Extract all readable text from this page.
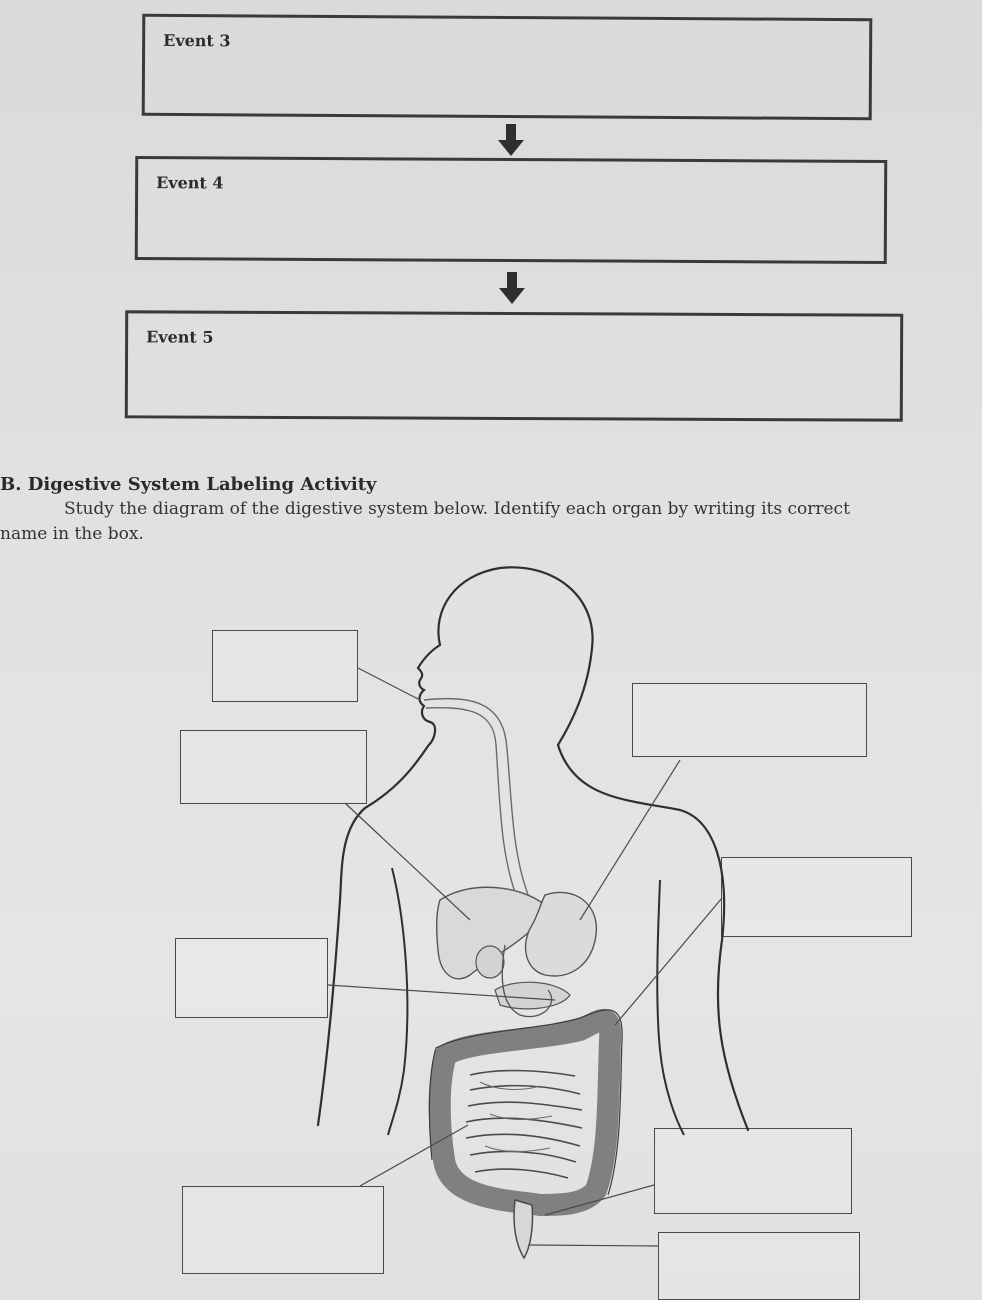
Event 3
Event 4
Event 5
B. Digestive System Labeling Activity
Study the diagram of the digestive system below. Identify each organ by writing its correct
name in the box.
